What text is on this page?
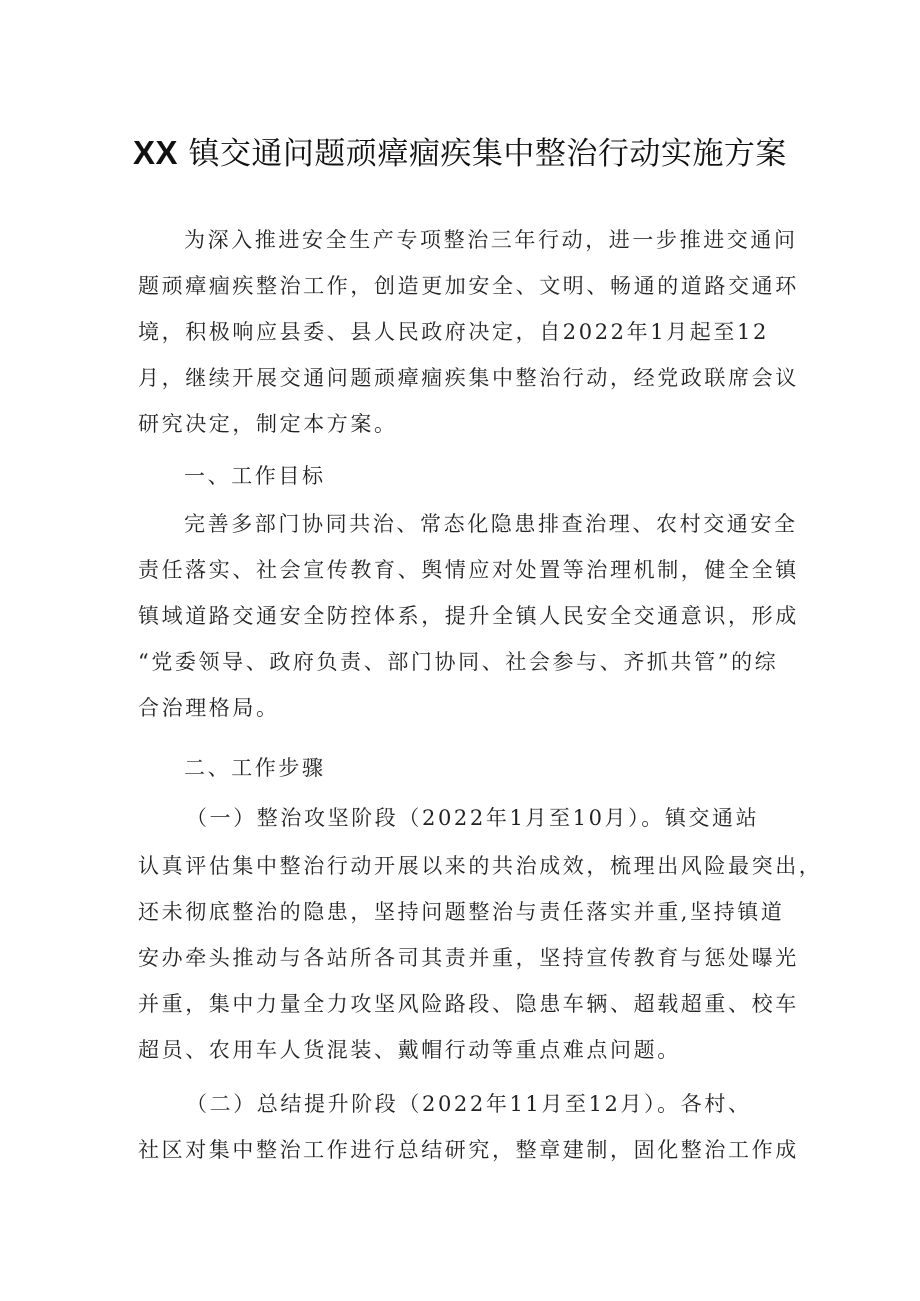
XX 镇交通问题顽瘴痼疾集中整治行动实施方案
为深入推进安全生产专项整治三年行动，进一步推进交通问
题顽瘴痼疾整治工作，创造更加安全、文明、畅通的道路交通环
境，积极响应县委、县人民政府决定，自2022年1月起至12
月，继续开展交通问题顽瘴痼疾集中整治行动，经党政联席会议
研究决定，制定本方案。
一、工作目标
完善多部门协同共治、常态化隐患排查治理、农村交通安全
责任落实、社会宣传教育、舆情应对处置等治理机制，健全全镇
镇域道路交通安全防控体系，提升全镇人民安全交通意识，形成
“党委领导、政府负责、部门协同、社会参与、齐抓共管”的综
合治理格局。
二、工作步骤
（一）整治攻坚阶段（2022年1月至10月）。镇交通站
认真评估集中整治行动开展以来的共治成效，梳理出风险最突出，
还未彻底整治的隐患，坚持问题整治与责任落实并重,坚持镇道
安办牵头推动与各站所各司其责并重，坚持宣传教育与惩处曝光
并重，集中力量全力攻坚风险路段、隐患车辆、超载超重、校车
超员、农用车人货混装、戴帽行动等重点难点问题。
（二）总结提升阶段（2022年11月至12月）。各村、
社区对集中整治工作进行总结研究，整章建制，固化整治工作成
